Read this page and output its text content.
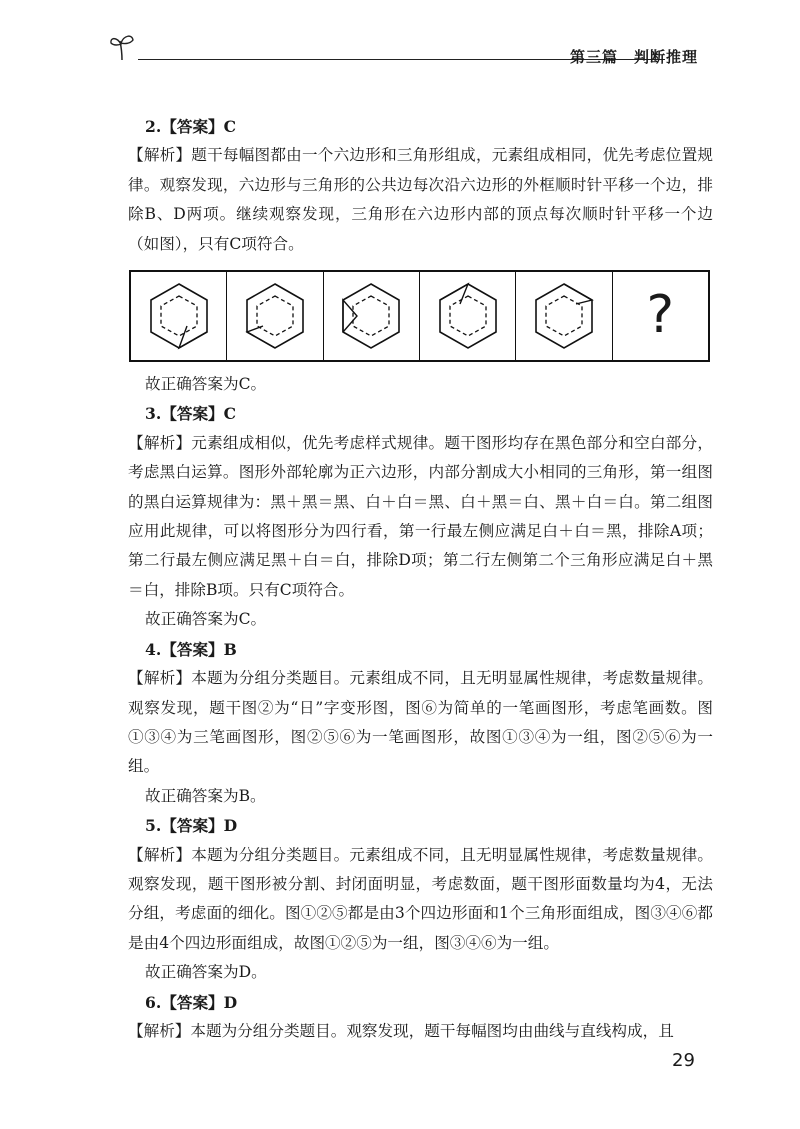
第三篇 判断推理

2.【答案】C

【解析】题干每幅图都由一个六边形和三角形组成，元素组成相同，优先考虑位置规律。观察发现，六边形与三角形的公共边每次沿六边形的外框顺时针平移一个边，排除B、D两项。继续观察发现，三角形在六边形内部的顶点每次顺时针平移一个边（如图），只有C项符合。

?

故正确答案为C。

3.【答案】C

【解析】元素组成相似，优先考虑样式规律。题干图形均存在黑色部分和空白部分，考虑黑白运算。图形外部轮廓为正六边形，内部分割成大小相同的三角形，第一组图的黑白运算规律为：黑＋黑＝黑、白＋白＝黑、白＋黑＝白、黑＋白＝白。第二组图应用此规律，可以将图形分为四行看，第一行最左侧应满足白＋白＝黑，排除A项；第二行最左侧应满足黑＋白＝白，排除D项；第二行左侧第二个三角形应满足白＋黑＝白，排除B项。只有C项符合。

故正确答案为C。

4.【答案】B

【解析】本题为分组分类题目。元素组成不同，且无明显属性规律，考虑数量规律。观察发现，题干图②为“日”字变形图，图⑥为简单的一笔画图形，考虑笔画数。图①③④为三笔画图形，图②⑤⑥为一笔画图形，故图①③④为一组，图②⑤⑥为一组。

故正确答案为B。

5.【答案】D

【解析】本题为分组分类题目。元素组成不同，且无明显属性规律，考虑数量规律。观察发现，题干图形被分割、封闭面明显，考虑数面，题干图形面数量均为4，无法分组，考虑面的细化。图①②⑤都是由3个四边形面和1个三角形面组成，图③④⑥都是由4个四边形面组成，故图①②⑤为一组，图③④⑥为一组。

故正确答案为D。

6.【答案】D

【解析】本题为分组分类题目。观察发现，题干每幅图均由曲线与直线构成，且

29
